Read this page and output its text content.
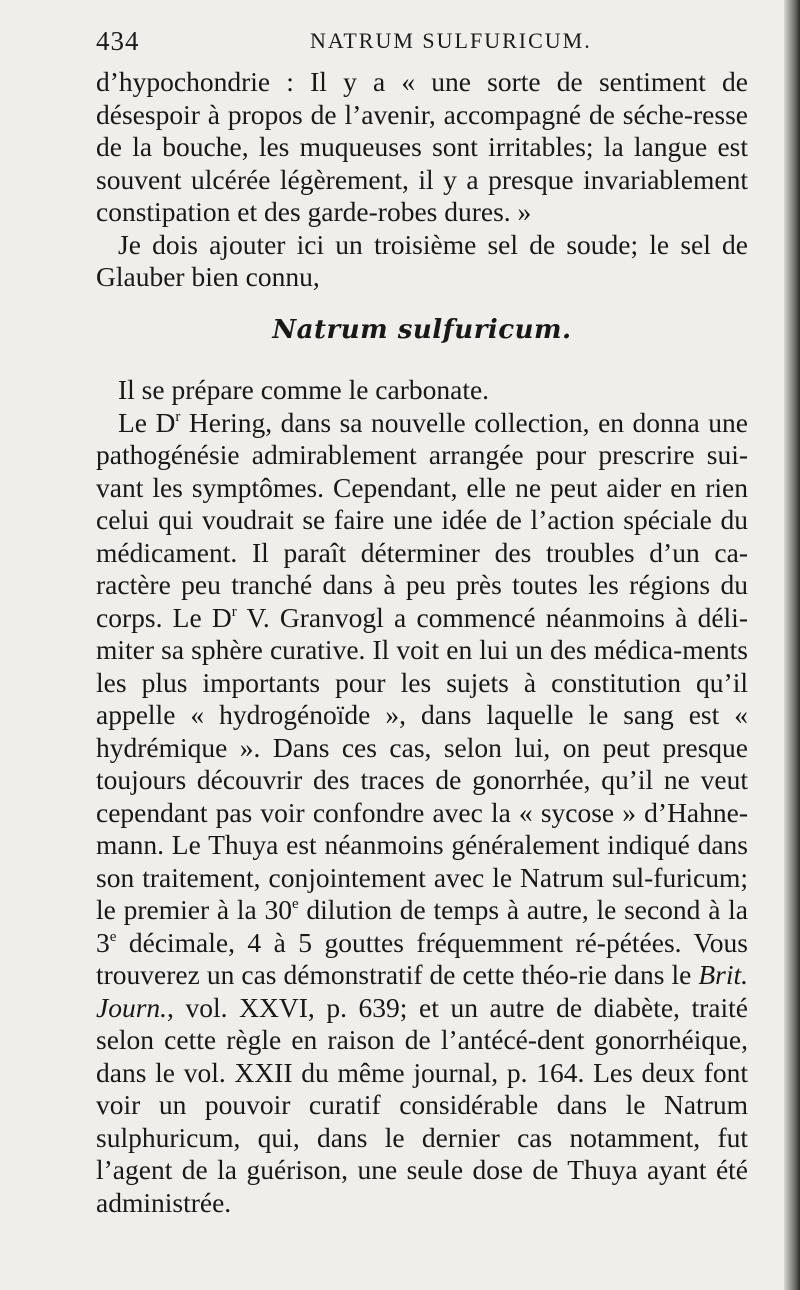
434	NATRUM SULFURICUM.

d’hypochondrie : Il y a « une sorte de sentiment de désespoir à propos de l’avenir, accompagné de séche-resse de la bouche, les muqueuses sont irritables; la langue est souvent ulcérée légèrement, il y a presque invariablement constipation et des garde-robes dures. »

Je dois ajouter ici un troisième sel de soude; le sel de Glauber bien connu,

Natrum sulfuricum.

Il se prépare comme le carbonate.

Le $D^r$ Hering, dans sa nouvelle collection, en donna une pathogénésie admirablement arrangée pour prescrire sui-vant les symptômes. Cependant, elle ne peut aider en rien celui qui voudrait se faire une idée de l’action spéciale du médicament. Il paraît déterminer des troubles d’un ca-ractère peu tranché dans à peu près toutes les régions du corps. Le $D^r$ V. Granvogl a commencé néanmoins à déli-miter sa sphère curative. Il voit en lui un des médica-ments les plus importants pour les sujets à constitution qu’il appelle « hydrogénoïde », dans laquelle le sang est « hydrémique ». Dans ces cas, selon lui, on peut presque toujours découvrir des traces de gonorrhée, qu’il ne veut cependant pas voir confondre avec la « sycose » d’Hahne-mann. Le Thuya est néanmoins généralement indiqué dans son traitement, conjointement avec le Natrum sul-furicum; le premier à la 30e dilution de temps à autre, le second à la 3e décimale, 4 à 5 gouttes fréquemment ré-pétées. Vous trouverez un cas démonstratif de cette théo-rie dans le Brit. Journ., vol. XXVI, p. 639; et un autre de diabète, traité selon cette règle en raison de l’antécé-dent gonorrhéique, dans le vol. XXII du même journal, p. 164. Les deux font voir un pouvoir curatif considérable dans le Natrum sulphuricum, qui, dans le dernier cas notamment, fut l’agent de la guérison, une seule dose de Thuya ayant été administrée.
